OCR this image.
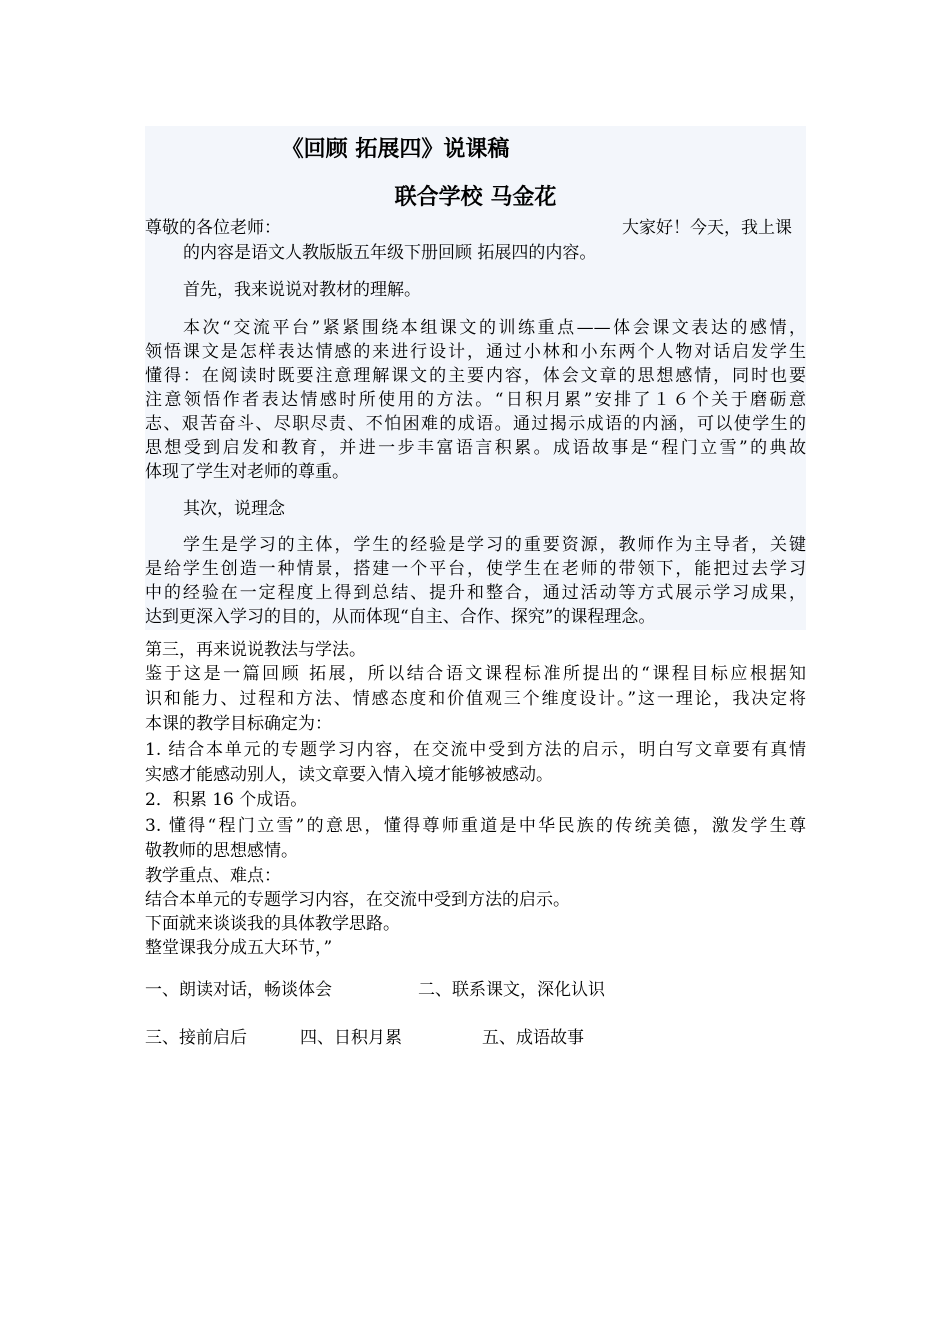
《回顾 拓展四》说课稿
联合学校 马金花
尊敬的各位老师：	大家好！今天，我上课
的内容是语文人教版版五年级下册回顾 拓展四的内容。
首先，我来说说对教材的理解。
本次“交流平台”紧紧围绕本组课文的训练重点——体会课文表达的感情，
领悟课文是怎样表达情感的来进行设计，通过小林和小东两个人物对话启发学生
懂得：在阅读时既要注意理解课文的主要内容，体会文章的思想感情，同时也要
注意领悟作者表达情感时所使用的方法。“日积月累”安排了１６个关于磨砺意
志、艰苦奋斗、尽职尽责、不怕困难的成语。通过揭示成语的内涵，可以使学生的
思想受到启发和教育，并进一步丰富语言积累。成语故事是“程门立雪”的典故
体现了学生对老师的尊重。
其次，说理念
学生是学习的主体，学生的经验是学习的重要资源，教师作为主导者，关键
是给学生创造一种情景，搭建一个平台，使学生在老师的带领下，能把过去学习
中的经验在一定程度上得到总结、提升和整合，通过活动等方式展示学习成果，
达到更深入学习的目的，从而体现“自主、合作、探究”的课程理念。
第三，再来说说教法与学法。
鉴于这是一篇回顾 拓展，所以结合语文课程标准所提出的“课程目标应根据知
识和能力、过程和方法、情感态度和价值观三个维度设计。”这一理论，我决定将
本课的教学目标确定为：
1. 结合本单元的专题学习内容，在交流中受到方法的启示，明白写文章要有真情
实感才能感动别人，读文章要入情入境才能够被感动。
2．积累 16 个成语。
3. 懂得“程门立雪”的意思，懂得尊师重道是中华民族的传统美德，激发学生尊
敬教师的思想感情。
教学重点、难点：
结合本单元的专题学习内容，在交流中受到方法的启示。
下面就来谈谈我的具体教学思路。
整堂课我分成五大环节，”
一、朗读对话，畅谈体会	二、联系课文，深化认识
三、接前启后	四、日积月累	五、成语故事
